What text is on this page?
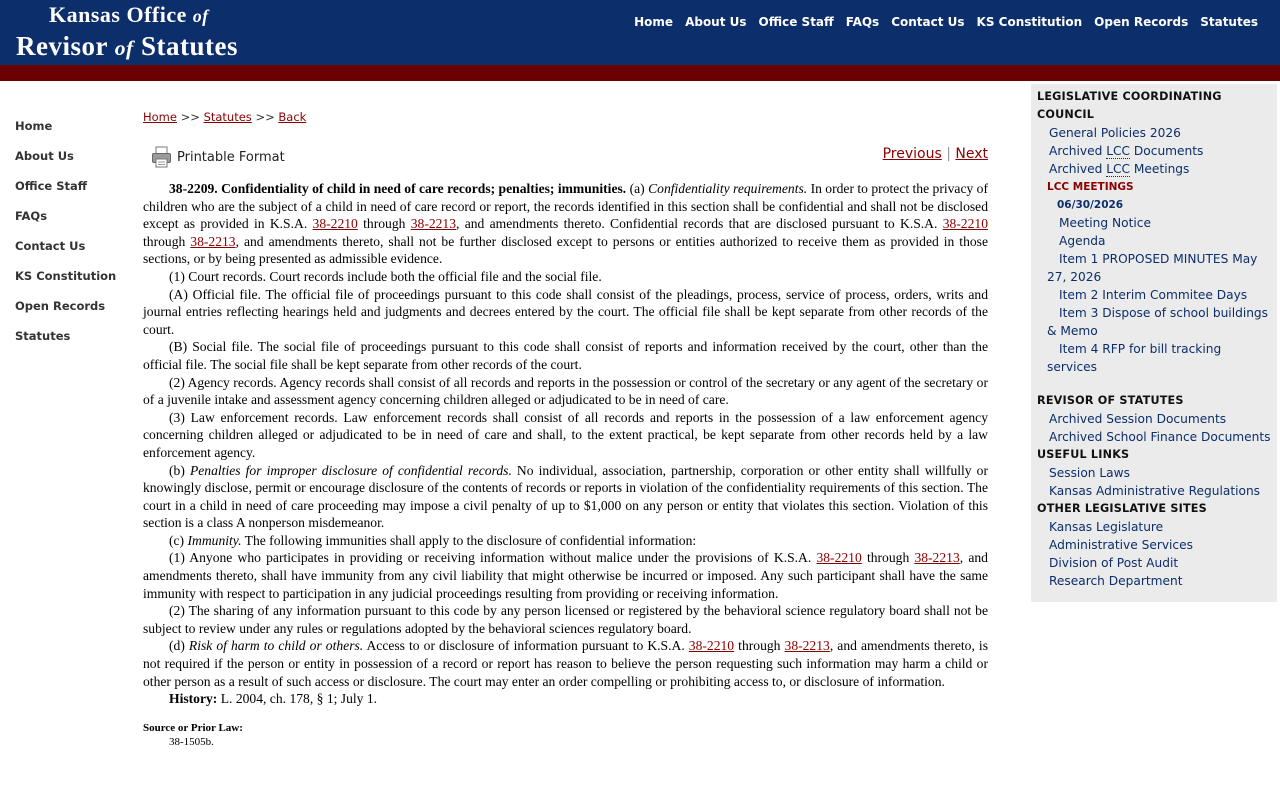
Kansas Office of
Revisor of Statutes
Home About Us Office Staff FAQs Contact Us KS Constitution Open Records Statutes
Home
About Us
Office Staff
FAQs
Contact Us
KS Constitution
Open Records
Statutes
Home >> Statutes >> Back
Printable Format	Previous | Next

38-2209. Confidentiality of child in need of care records; penalties; immunities. (a) Confidentiality requirements. In order to protect the privacy of children who are the subject of a child in need of care record or report, the records identified in this section shall be confidential and shall not be disclosed except as provided in K.S.A. 38-2210 through 38-2213, and amendments thereto. Confidential records that are disclosed pursuant to K.S.A. 38-2210 through 38-2213, and amendments thereto, shall not be further disclosed except to persons or entities authorized to receive them as provided in those sections, or by being presented as admissible evidence.

(1) Court records. Court records include both the official file and the social file.

(A) Official file. The official file of proceedings pursuant to this code shall consist of the pleadings, process, service of process, orders, writs and journal entries reflecting hearings held and judgments and decrees entered by the court. The official file shall be kept separate from other records of the court.

(B) Social file. The social file of proceedings pursuant to this code shall consist of reports and information received by the court, other than the official file. The social file shall be kept separate from other records of the court.

(2) Agency records. Agency records shall consist of all records and reports in the possession or control of the secretary or any agent of the secretary or of a juvenile intake and assessment agency concerning children alleged or adjudicated to be in need of care.

(3) Law enforcement records. Law enforcement records shall consist of all records and reports in the possession of a law enforcement agency concerning children alleged or adjudicated to be in need of care and shall, to the extent practical, be kept separate from other records held by a law enforcement agency.

(b) Penalties for improper disclosure of confidential records. No individual, association, partnership, corporation or other entity shall willfully or knowingly disclose, permit or encourage disclosure of the contents of records or reports in violation of the confidentiality requirements of this section. The court in a child in need of care proceeding may impose a civil penalty of up to $1,000 on any person or entity that violates this section. Violation of this section is a class A nonperson misdemeanor.

(c) Immunity. The following immunities shall apply to the disclosure of confidential information:

(1) Anyone who participates in providing or receiving information without malice under the provisions of K.S.A. 38-2210 through 38-2213, and amendments thereto, shall have immunity from any civil liability that might otherwise be incurred or imposed. Any such participant shall have the same immunity with respect to participation in any judicial proceedings resulting from providing or receiving information.

(2) The sharing of any information pursuant to this code by any person licensed or registered by the behavioral science regulatory board shall not be subject to review under any rules or regulations adopted by the behavioral sciences regulatory board.

(d) Risk of harm to child or others. Access to or disclosure of information pursuant to K.S.A. 38-2210 through 38-2213, and amendments thereto, is not required if the person or entity in possession of a record or report has reason to believe the person requesting such information may harm a child or other person as a result of such access or disclosure. The court may enter an order compelling or prohibiting access to, or disclosure of information.

History: L. 2004, ch. 178, § 1; July 1.

Source or Prior Law:
38-1505b.
LEGISLATIVE COORDINATING COUNCIL
General Policies 2026
Archived LCC Documents
Archived LCC Meetings
LCC MEETINGS
06/30/2026
Meeting Notice
Agenda
Item 1 PROPOSED MINUTES May 27, 2026
Item 2 Interim Commitee Days
Item 3 Dispose of school buildings & Memo
Item 4 RFP for bill tracking services
REVISOR OF STATUTES
Archived Session Documents
Archived School Finance Documents
USEFUL LINKS
Session Laws
Kansas Administrative Regulations
OTHER LEGISLATIVE SITES
Kansas Legislature
Administrative Services
Division of Post Audit
Research Department
